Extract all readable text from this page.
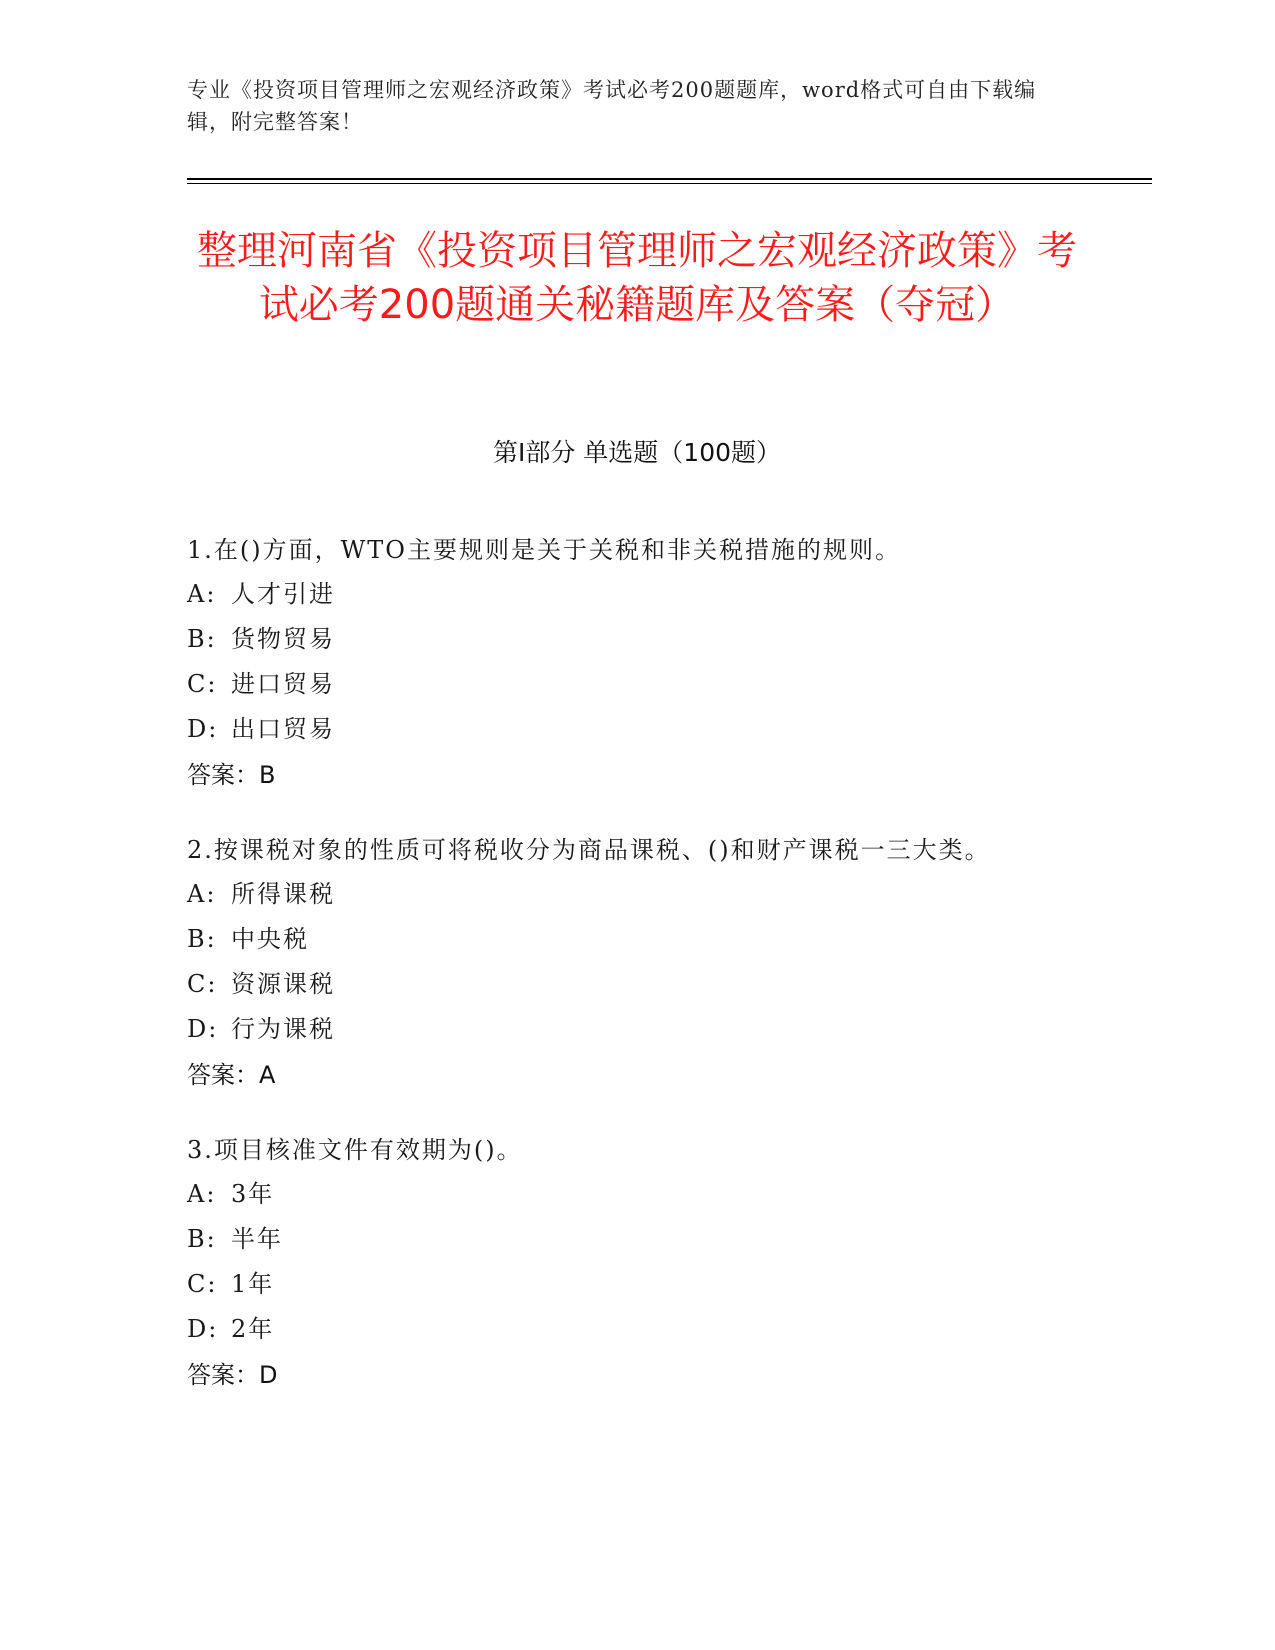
专业《投资项目管理师之宏观经济政策》考试必考200题题库，word格式可自由下载编辑，附完整答案！
整理河南省《投资项目管理师之宏观经济政策》考试必考200题通关秘籍题库及答案（夺冠）
第I部分 单选题（100题）
1.在()方面，WTO主要规则是关于关税和非关税措施的规则。
A: 人才引进
B: 货物贸易
C: 进口贸易
D: 出口贸易
答案：B
2.按课税对象的性质可将税收分为商品课税、()和财产课税一三大类。
A: 所得课税
B: 中央税
C: 资源课税
D: 行为课税
答案：A
3.项目核准文件有效期为()。
A: 3年
B: 半年
C: 1年
D: 2年
答案：D
